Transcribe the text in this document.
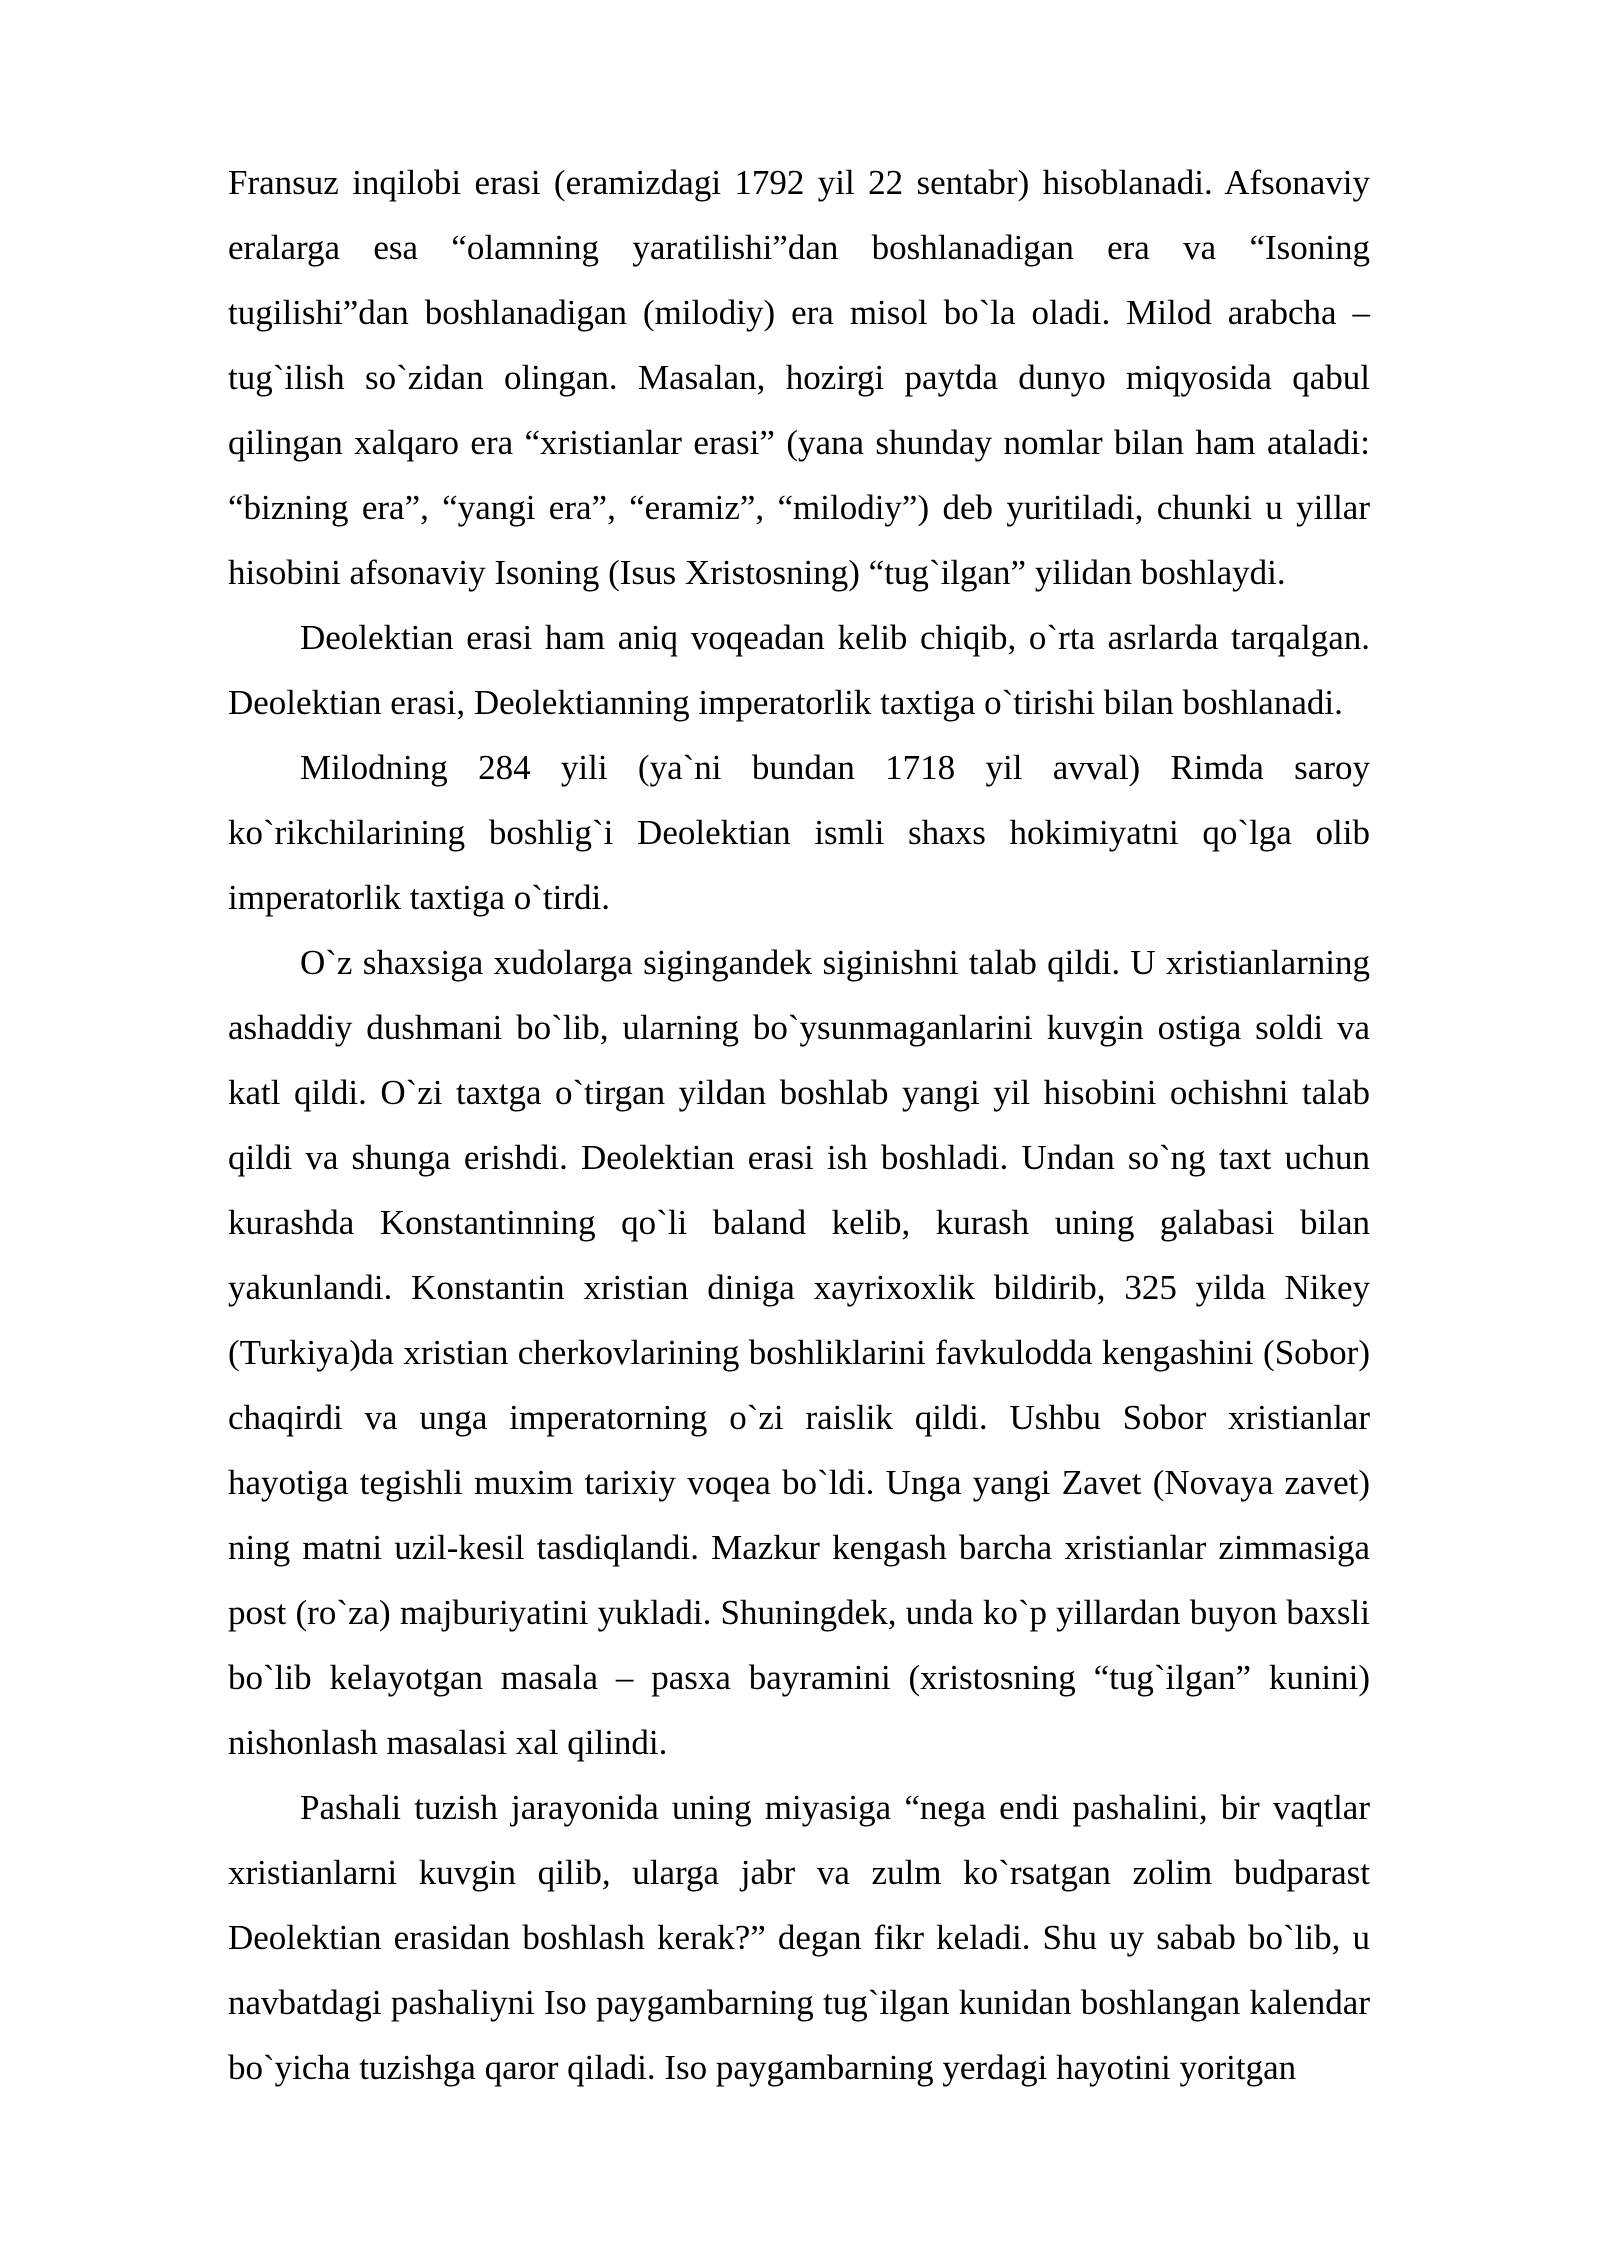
Fransuz inqilobi erasi (eramizdagi 1792 yil 22 sentabr) hisoblanadi. Afsonaviy eralarga esa “olamning yaratilishi”dan boshlanadigan era va “Isoning tugilishi”dan boshlanadigan (milodiy) era misol bo`la oladi. Milod arabcha – tug`ilish so`zidan olingan. Masalan, hozirgi paytda dunyo miqyosida qabul qilingan xalqaro era “xristianlar erasi” (yana shunday nomlar bilan ham ataladi: “bizning era”, “yangi era”, “eramiz”, “milodiy”) deb yuritiladi, chunki u yillar hisobini afsonaviy Isoning (Isus Xristosning) “tug`ilgan” yilidan boshlaydi.

Deolektian erasi ham aniq voqeadan kelib chiqib, o`rta asrlarda tarqalgan. Deolektian erasi, Deolektianning imperatorlik taxtiga o`tirishi bilan boshlanadi.

Milodning 284 yili (ya`ni bundan 1718 yil avval) Rimda saroy ko`rikchilarining boshlig`i Deolektian ismli shaxs hokimiyatni qo`lga olib imperatorlik taxtiga o`tirdi.

O`z shaxsiga xudolarga sigingandek siginishni talab qildi. U xristianlarning ashaddiy dushmani bo`lib, ularning bo`ysunmaganlarini kuvgin ostiga soldi va katl qildi. O`zi taxtga o`tirgan yildan boshlab yangi yil hisobini ochishni talab qildi va shunga erishdi. Deolektian erasi ish boshladi. Undan so`ng taxt uchun kurashda Konstantinning qo`li baland kelib, kurash uning galabasi bilan yakunlandi. Konstantin xristian diniga xayrixoxlik bildirib, 325 yilda Nikey (Turkiya)da xristian cherkovlarining boshliklarini favkulodda kengashini (Sobor) chaqirdi va unga imperatorning o`zi raislik qildi. Ushbu Sobor xristianlar hayotiga tegishli muxim tarixiy voqea bo`ldi. Unga yangi Zavet (Novaya zavet) ning matni uzil-kesil tasdiqlandi. Mazkur kengash barcha xristianlar zimmasiga post (ro`za) majburiyatini yukladi. Shuningdek, unda ko`p yillardan buyon baxsli bo`lib kelayotgan masala – pasxa bayramini (xristosning “tug`ilgan” kunini) nishonlash masalasi xal qilindi.

Pashali tuzish jarayonida uning miyasiga “nega endi pashalini, bir vaqtlar xristianlarni kuvgin qilib, ularga jabr va zulm ko`rsatgan zolim budparast Deolektian erasidan boshlash kerak?” degan fikr keladi. Shu uy sabab bo`lib, u navbatdagi pashaliyni Iso paygambarning tug`ilgan kunidan boshlangan kalendar bo`yicha tuzishga qaror qiladi. Iso paygambarning yerdagi hayotini yoritgan
